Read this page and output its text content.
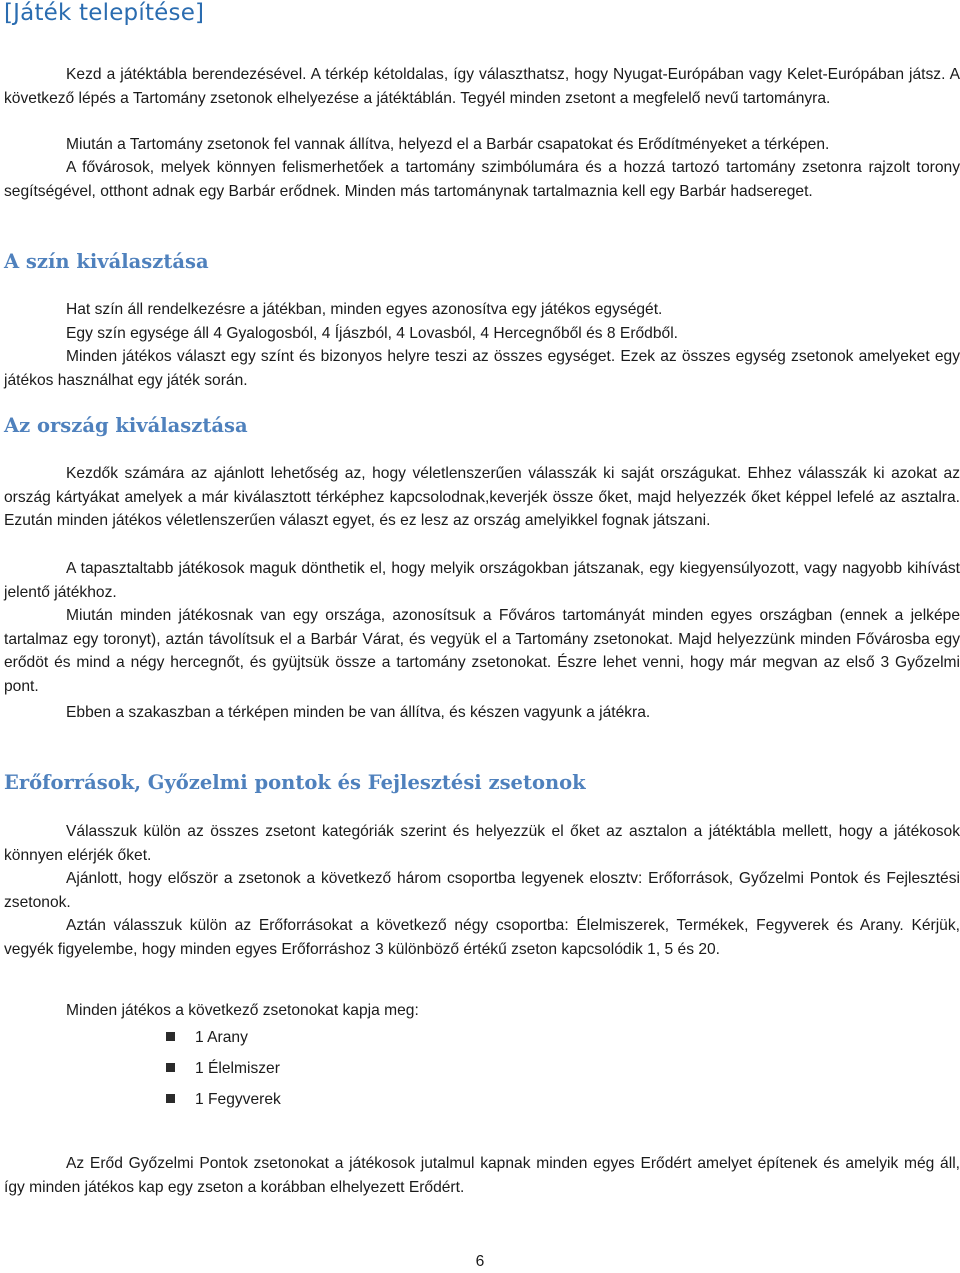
[Játék telepítése]

Kezd a játéktábla berendezésével. A térkép kétoldalas, így választhatsz, hogy Nyugat-Európában vagy Kelet-Európában játsz. A következő lépés a Tartomány zsetonok elhelyezése a játéktáblán. Tegyél minden zsetont a megfelelő nevű tartományra.

Miután a Tartomány zsetonok fel vannak állítva, helyezd el a Barbár csapatokat és Erődítményeket a térképen.

A fővárosok, melyek könnyen felismerhetőek a tartomány szimbólumára és a hozzá tartozó tartomány zsetonra rajzolt torony segítségével, otthont adnak egy Barbár erődnek. Minden más tartománynak tartalmaznia kell egy Barbár hadsereget.

A szín kiválasztása

Hat szín áll rendelkezésre a játékban, minden egyes azonosítva egy játékos egységét.

Egy szín egysége áll 4 Gyalogosból, 4 Íjászból, 4 Lovasból, 4 Hercegnőből és 8 Erődből.

Minden játékos választ egy színt és bizonyos helyre teszi az összes egységet. Ezek az összes egység zsetonok amelyeket egy játékos használhat egy játék során.

Az ország kiválasztása

Kezdők számára az ajánlott lehetőség az, hogy véletlenszerűen válasszák ki saját országukat. Ehhez válasszák ki azokat az ország kártyákat amelyek a már kiválasztott térképhez kapcsolodnak,keverjék össze őket, majd helyezzék őket képpel lefelé az asztalra. Ezután minden játékos véletlenszerűen választ egyet, és ez lesz az ország amelyikkel fognak játszani.

A tapasztaltabb játékosok maguk dönthetik el, hogy melyik országokban játszanak, egy kiegyensúlyozott, vagy nagyobb kihívást jelentő játékhoz.

Miután minden játékosnak van egy országa, azonosítsuk a Főváros tartományát minden egyes országban (ennek a jelképe tartalmaz egy toronyt), aztán távolítsuk el a Barbár Várat, és vegyük el a Tartomány zsetonokat. Majd helyezzünk minden Fővárosba egy erődöt és mind a négy hercegnőt, és gyüjtsük össze a tartomány zsetonokat. Észre lehet venni, hogy már megvan az első 3 Győzelmi pont.

Ebben a szakaszban a térképen minden be van állítva, és készen vagyunk a játékra.

Erőforrások, Győzelmi pontok és Fejlesztési zsetonok

Válasszuk külön az összes zsetont kategóriák szerint és helyezzük el őket az asztalon a játéktábla mellett, hogy a játékosok könnyen elérjék őket.

Ajánlott, hogy először a zsetonok a következő három csoportba legyenek elosztv: Erőforrások, Győzelmi Pontok és Fejlesztési zsetonok.

Aztán válasszuk külön az Erőforrásokat a következő négy csoportba: Élelmiszerek, Termékek, Fegyverek és Arany. Kérjük, vegyék figyelembe, hogy minden egyes Erőforráshoz 3 különböző értékű zseton kapcsolódik 1, 5 és 20.

Minden játékos a következő zsetonokat kapja meg:

1 Arany
1 Élelmiszer
1 Fegyverek

Az Erőd Győzelmi Pontok zsetonokat a játékosok jutalmul kapnak minden egyes Erődért amelyet építenek és amelyik még áll, így minden játékos kap egy zseton a korábban elhelyezett Erődért.

6
